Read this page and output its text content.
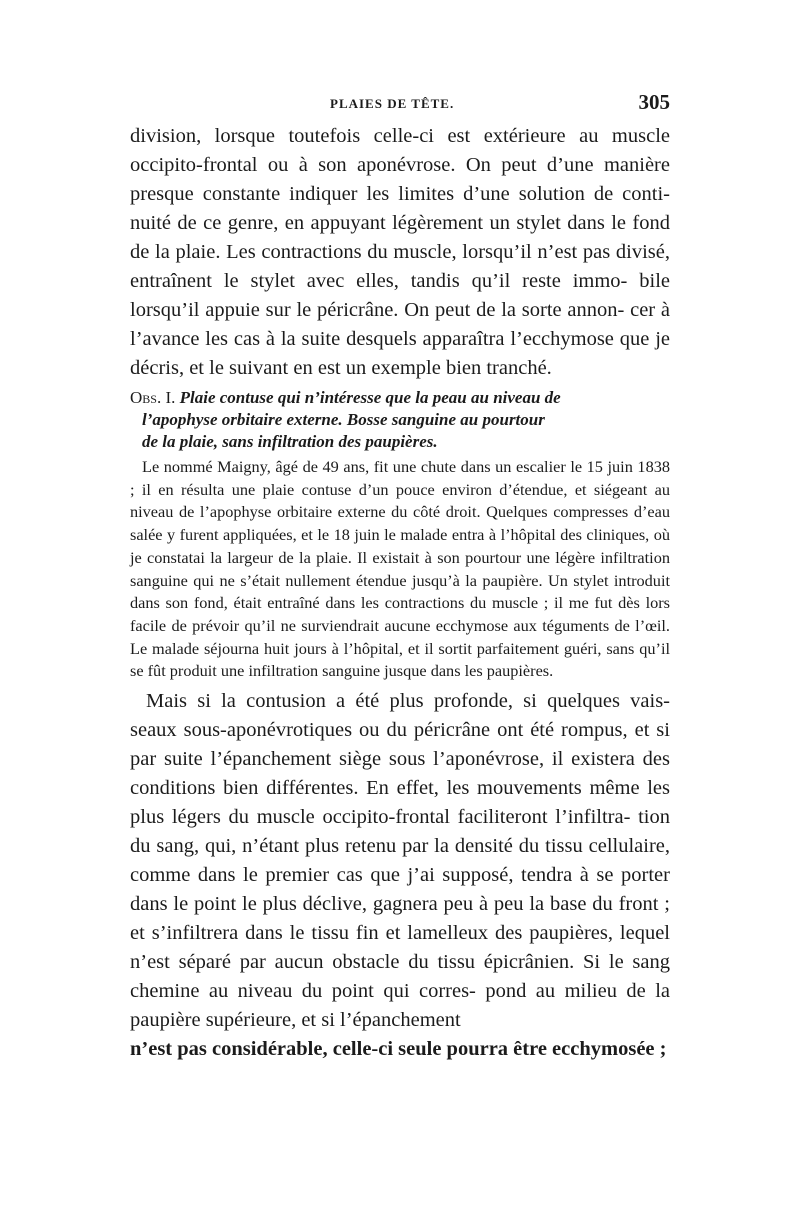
PLAIES DE TÊTE.	305

division, lorsque toutefois celle-ci est extérieure au muscle occipito-frontal ou à son aponévrose. On peut d’une manière presque constante indiquer les limites d’une solution de conti- nuité de ce genre, en appuyant légèrement un stylet dans le fond de la plaie. Les contractions du muscle, lorsqu’il n’est pas divisé, entraînent le stylet avec elles, tandis qu’il reste immo- bile lorsqu’il appuie sur le péricrâne. On peut de la sorte annon- cer à l’avance les cas à la suite desquels apparaîtra l’ecchymose que je décris, et le suivant en est un exemple bien tranché.

Obs. I. Plaie contuse qui n’intéresse que la peau au niveau de
l’apophyse orbitaire externe. Bosse sanguine au pourtour
de la plaie, sans infiltration des paupières.

Le nommé Maigny, âgé de 49 ans, fit une chute dans un escalier le 15 juin 1838 ; il en résulta une plaie contuse d’un pouce environ d’étendue, et siégeant au niveau de l’apophyse orbitaire externe du côté droit. Quelques compresses d’eau salée y furent appliquées, et le 18 juin le malade entra à l’hôpital des cliniques, où je constatai la largeur de la plaie. Il existait à son pourtour une légère infiltration sanguine qui ne s’était nullement étendue jusqu’à la paupière. Un stylet introduit dans son fond, était entraîné dans les contractions du muscle ; il me fut dès lors facile de prévoir qu’il ne surviendrait aucune ecchymose aux téguments de l’œil. Le malade séjourna huit jours à l’hôpital, et il sortit parfaitement guéri, sans qu’il se fût produit une infiltration sanguine jusque dans les paupières.

Mais si la contusion a été plus profonde, si quelques vais- seaux sous-aponévrotiques ou du péricrâne ont été rompus, et si par suite l’épanchement siège sous l’aponévrose, il existera des conditions bien différentes. En effet, les mouvements même les plus légers du muscle occipito-frontal faciliteront l’infiltra- tion du sang, qui, n’étant plus retenu par la densité du tissu cellulaire, comme dans le premier cas que j’ai supposé, tendra à se porter dans le point le plus déclive, gagnera peu à peu la base du front ; et s’infiltrera dans le tissu fin et lamelleux des paupières, lequel n’est séparé par aucun obstacle du tissu épicrânien. Si le sang chemine au niveau du point qui corres- pond au milieu de la paupière supérieure, et si l’épanchement

n’est pas considérable, celle-ci seule pourra être ecchymosée ;
